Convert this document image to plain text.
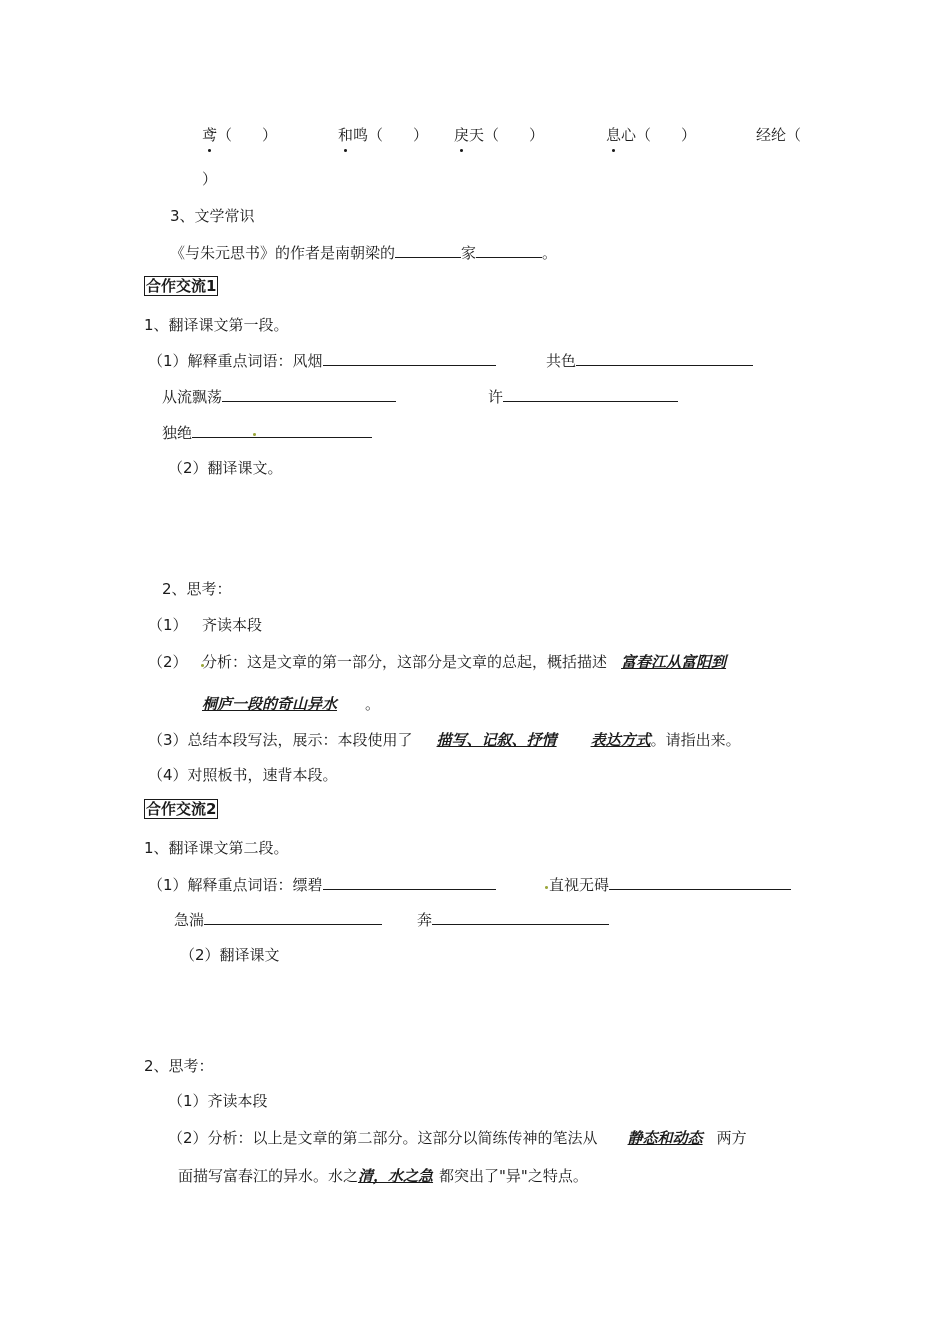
鸢（　　）	和鸣（　　） 戾天（　　）	息心（　　）	经纶（
）
3、文学常识
《与朱元思书》的作者是南朝梁的	家	。
合作交流1
1、翻译课文第一段。
（1）解释重点词语：风烟	共色
从流飘荡	许
独绝
（2）翻译课文。
2、思考：
（1） 齐读本段
（2） 分析：这是文章的第一部分，这部分是文章的总起，概括描述 富春江从富阳到
桐庐一段的奇山异水 。
（3）总结本段写法，展示：本段使用了 描写、记叙、抒情 表达方式。请指出来。
（4）对照板书，速背本段。
合作交流2
1、翻译课文第二段。
（1）解释重点词语：缥碧	直视无碍
急湍	奔
（2）翻译课文
2、思考：
（1）齐读本段
（2）分析：以上是文章的第二部分。这部分以简练传神的笔法从 静态和动态 两方
面描写富春江的异水。水之清，水之急 都突出了"异"之特点。
